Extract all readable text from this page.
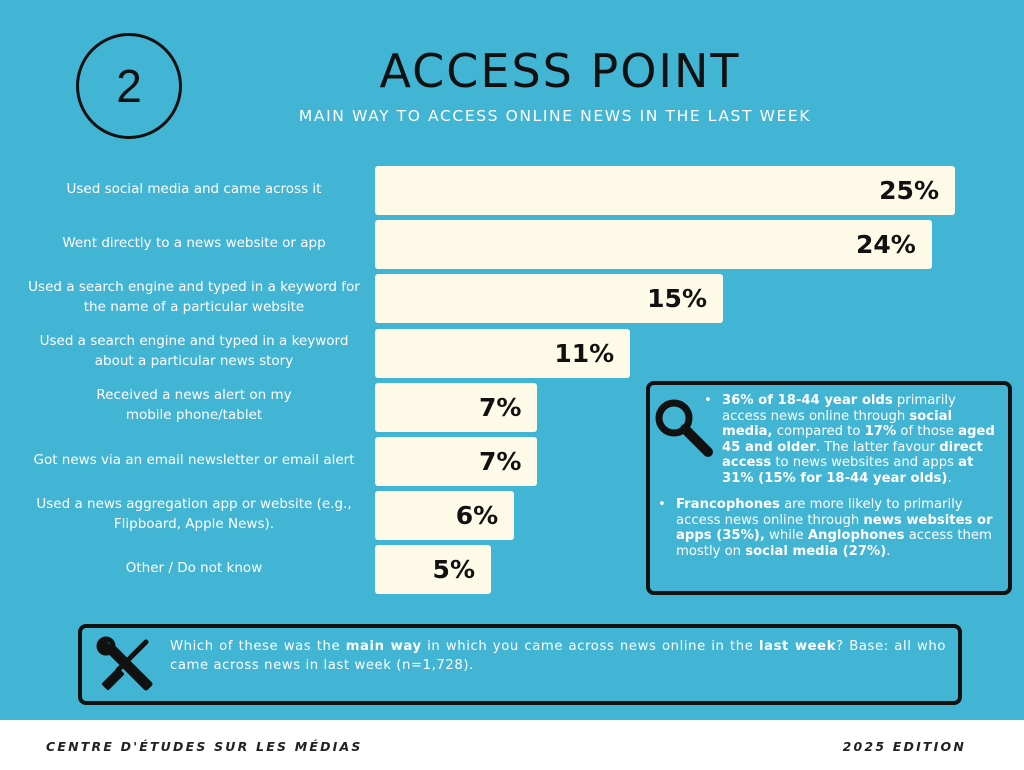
2	ACCESS POINT
MAIN WAY TO ACCESS ONLINE NEWS IN THE LAST WEEK
Used social media and came across it	25%
Went directly to a news website or app	24%
Used a search engine and typed in a keyword for
the name of a particular website	15%
Used a search engine and typed in a keyword
about a particular news story	11%
Received a news alert on my
mobile phone/tablet	7%
Got news via an email newsletter or email alert	7%
Used a news aggregation app or website (e.g.,
Flipboard, Apple News).	6%
Other / Do not know	5%
• 36% of 18-44 year olds primarily access news online through social media, compared to 17% of those aged 45 and older. The latter favour direct access to news websites and apps at 31% (15% for 18-44 year olds).
• Francophones are more likely to primarily access news online through news websites or apps (35%), while Anglophones access them mostly on social media (27%).
Which of these was the main way in which you came across news online in the last week? Base: all who came across news in last week (n=1,728).
CENTRE D'ÉTUDES SUR LES MÉDIAS	2025 EDITION
